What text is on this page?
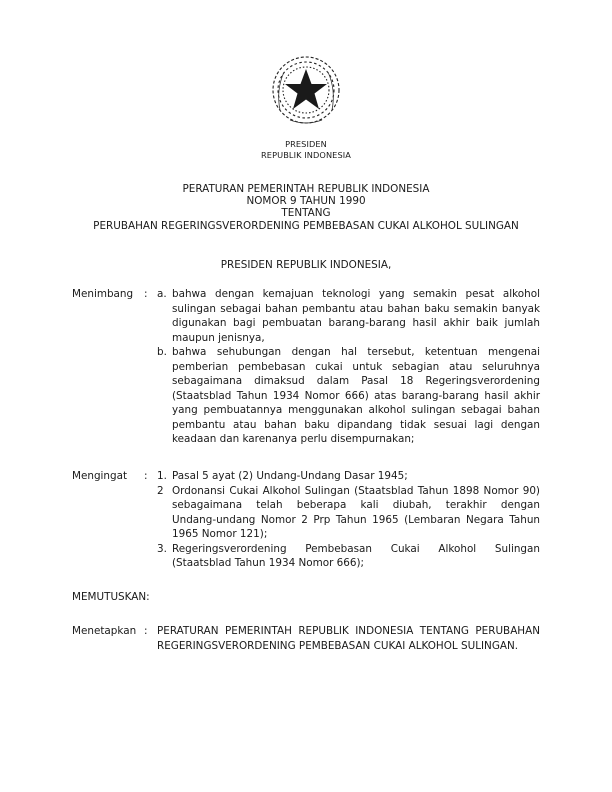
PRESIDEN
REPUBLIK INDONESIA
PERATURAN PEMERINTAH REPUBLIK INDONESIA
NOMOR 9 TAHUN 1990
TENTANG
PERUBAHAN REGERINGSVERORDENING PEMBEBASAN CUKAI ALKOHOL SULINGAN
PRESIDEN REPUBLIK INDONESIA,
Menimbang : a. bahwa dengan kemajuan teknologi yang semakin pesat alkohol
sulingan sebagai bahan pembantu atau bahan baku semakin banyak
digunakan bagi pembuatan barang-barang hasil akhir baik jumlah
maupun jenisnya,
b. bahwa sehubungan dengan hal tersebut, ketentuan mengenai
pemberian pembebasan cukai untuk sebagian atau seluruhnya
sebagaimana dimaksud dalam Pasal 18 Regeringsverordening
(Staatsblad Tahun 1934 Nomor 666) atas barang-barang hasil akhir
yang pembuatannya menggunakan alkohol sulingan sebagai bahan
pembantu atau bahan baku dipandang tidak sesuai lagi dengan
keadaan dan karenanya perlu disempurnakan;
Mengingat : 1. Pasal 5 ayat (2) Undang-Undang Dasar 1945;
2 Ordonansi Cukai Alkohol Sulingan (Staatsblad Tahun 1898 Nomor 90)
sebagaimana telah beberapa kali diubah, terakhir dengan
Undang-undang Nomor 2 Prp Tahun 1965 (Lembaran Negara Tahun
1965 Nomor 121);
3. Regeringsverordening Pembebasan Cukai Alkohol Sulingan
(Staatsblad Tahun 1934 Nomor 666);
MEMUTUSKAN:
Menetapkan : PERATURAN PEMERINTAH REPUBLIK INDONESIA TENTANG PERUBAHAN
REGERINGSVERORDENING PEMBEBASAN CUKAI ALKOHOL SULINGAN.
